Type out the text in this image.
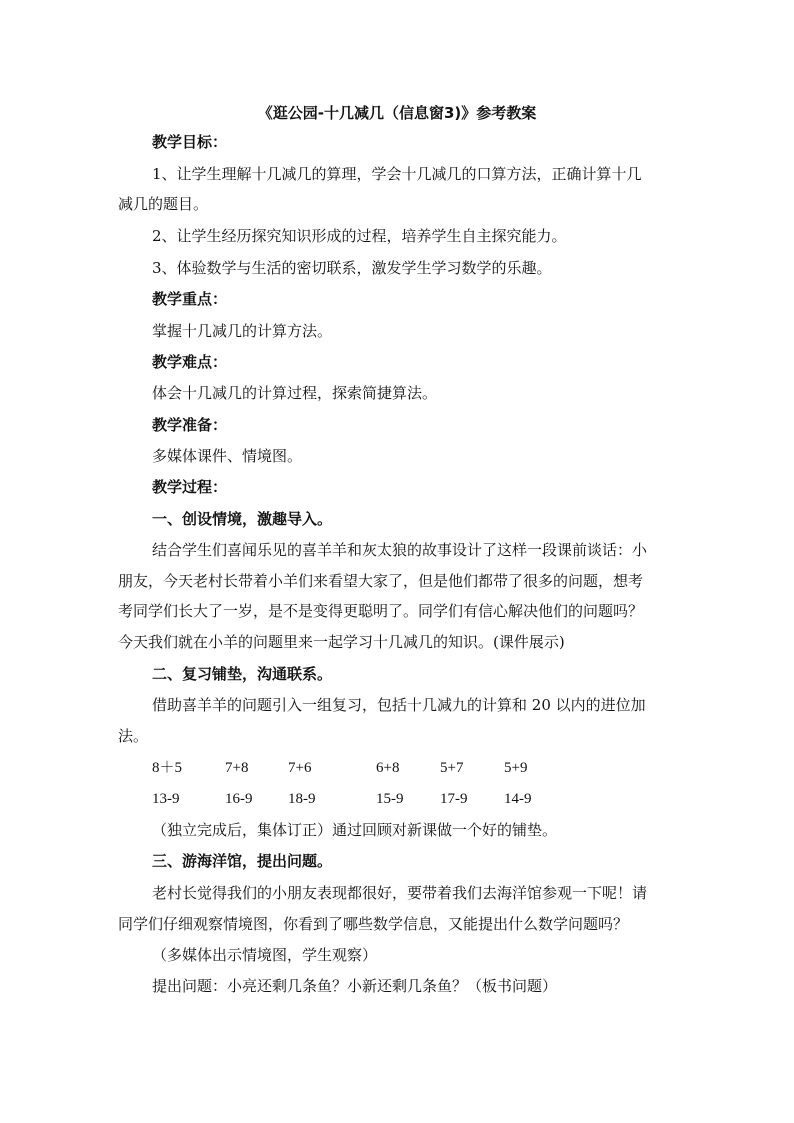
《逛公园-十几减几（信息窗3)》参考教案
教学目标：
1、让学生理解十几减几的算理，学会十几减几的口算方法，正确计算十几
减几的题目。
2、让学生经历探究知识形成的过程，培养学生自主探究能力。
3、体验数学与生活的密切联系，激发学生学习数学的乐趣。
教学重点：
掌握十几减几的计算方法。
教学难点：
体会十几减几的计算过程，探索简捷算法。
教学准备：
多媒体课件、情境图。
教学过程：
一、创设情境，激趣导入。
结合学生们喜闻乐见的喜羊羊和灰太狼的故事设计了这样一段课前谈话：小
朋友，今天老村长带着小羊们来看望大家了，但是他们都带了很多的问题，想考
考同学们长大了一岁，是不是变得更聪明了。同学们有信心解决他们的问题吗？
今天我们就在小羊的问题里来一起学习十几减几的知识。(课件展示)
二、复习铺垫，沟通联系。
借助喜羊羊的问题引入一组复习，包括十几减九的计算和 20 以内的进位加
法。
8＋5	7+8	7+6	6+8	5+7	5+9
13-9	16-9 18-9	15-9 17-9 14-9
（独立完成后，集体订正）通过回顾对新课做一个好的铺垫。
三、游海洋馆，提出问题。
老村长觉得我们的小朋友表现都很好，要带着我们去海洋馆参观一下呢！请
同学们仔细观察情境图，你看到了哪些数学信息，又能提出什么数学问题吗？
（多媒体出示情境图，学生观察）
提出问题：小亮还剩几条鱼？小新还剩几条鱼？（板书问题）
